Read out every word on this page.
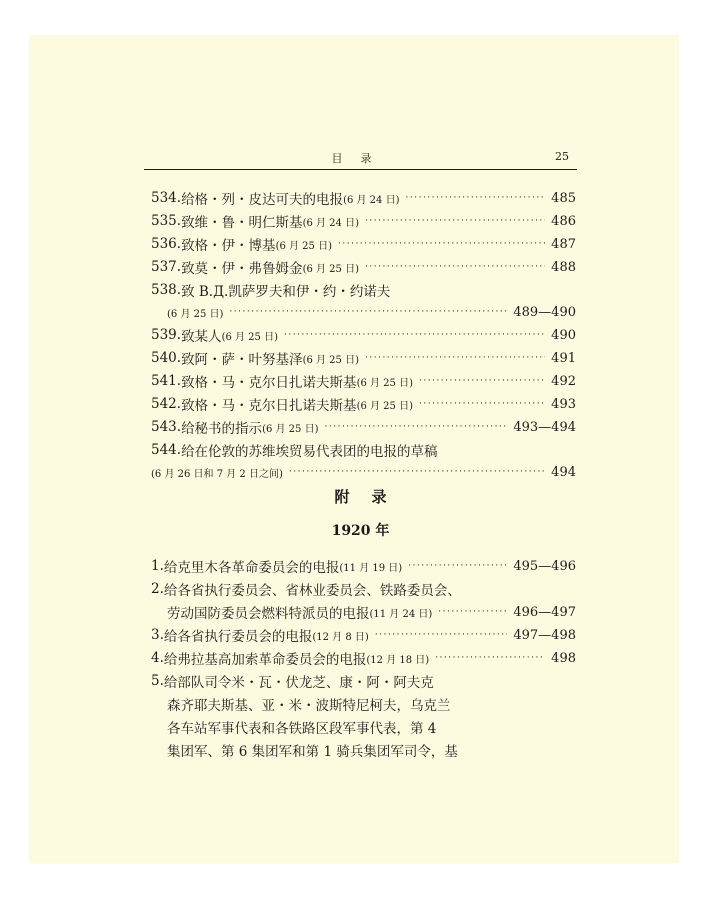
目录	25
534. 给格・列・皮达可夫的电报 (6 月 24 日) ·····	485
535. 致维・鲁・明仁斯基 (6 月 24 日) ·····	486
536. 致格・伊・博基 (6 月 25 日) ·····	487
537. 致莫・伊・弗鲁姆金 (6 月 25 日) ·····	488
538. 致 B.Д.凯萨罗夫和伊・约・约诺夫
(6 月 25 日) ·····	489—490
539. 致某人 (6 月 25 日) ·····	490
540. 致阿・萨・叶努基泽 (6 月 25 日) ·····	491
541. 致格・马・克尔日扎诺夫斯基 (6 月 25 日) ·····	492
542. 致格・马・克尔日扎诺夫斯基 (6 月 25 日) ·····	493
543. 给秘书的指示 (6 月 25 日) ·····	493—494
544. 给在伦敦的苏维埃贸易代表团的电报的草稿
(6 月 26 日和 7 月 2 日之间) ·····	494
附录
1920 年
1. 给克里木各革命委员会的电报 (11 月 19 日) ·····	495—496
2. 给各省执行委员会、省林业委员会、铁路委员会、
劳动国防委员会燃料特派员的电报 (11 月 24 日) ·····	496—497
3. 给各省执行委员会的电报 (12 月 8 日) ·····	497—498
4. 给弗拉基高加索革命委员会的电报 (12 月 18 日) ·····	498
5. 给部队司令米・瓦・伏龙芝、康・阿・阿夫克
森齐耶夫斯基、亚・米・波斯特尼柯夫，乌克兰
各车站军事代表和各铁路区段军事代表，第 4
集团军、第 6 集团军和第 1 骑兵集团军司令，基
